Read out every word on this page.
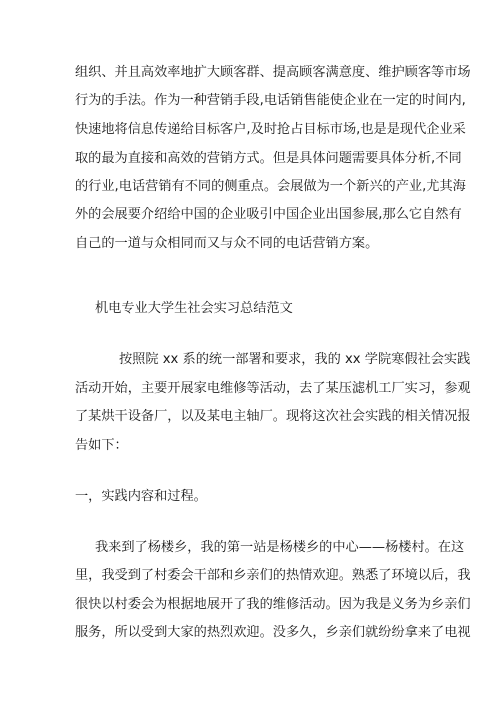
组织、并且高效率地扩大顾客群、提高顾客满意度、维护顾客等市场
行为的手法。作为一种营销手段,电话销售能使企业在一定的时间内,
快速地将信息传递给目标客户,及时抢占目标市场,也是是现代企业采
取的最为直接和高效的营销方式。但是具体问题需要具体分析,不同
的行业,电话营销有不同的侧重点。会展做为一个新兴的产业,尤其海
外的会展要介绍给中国的企业吸引中国企业出国参展,那么它自然有
自己的一道与众相同而又与众不同的电话营销方案。
机电专业大学生社会实习总结范文
按照院 xx 系的统一部署和要求，我的 xx 学院寒假社会实践
活动开始，主要开展家电维修等活动，去了某压滤机工厂实习，参观
了某烘干设备厂，以及某电主轴厂。现将这次社会实践的相关情况报
告如下：
一，实践内容和过程。
我来到了杨楼乡，我的第一站是杨楼乡的中心——杨楼村。在这
里，我受到了村委会干部和乡亲们的热情欢迎。熟悉了环境以后，我
很快以村委会为根据地展开了我的维修活动。因为我是义务为乡亲们
服务，所以受到大家的热烈欢迎。没多久，乡亲们就纷纷拿来了电视
